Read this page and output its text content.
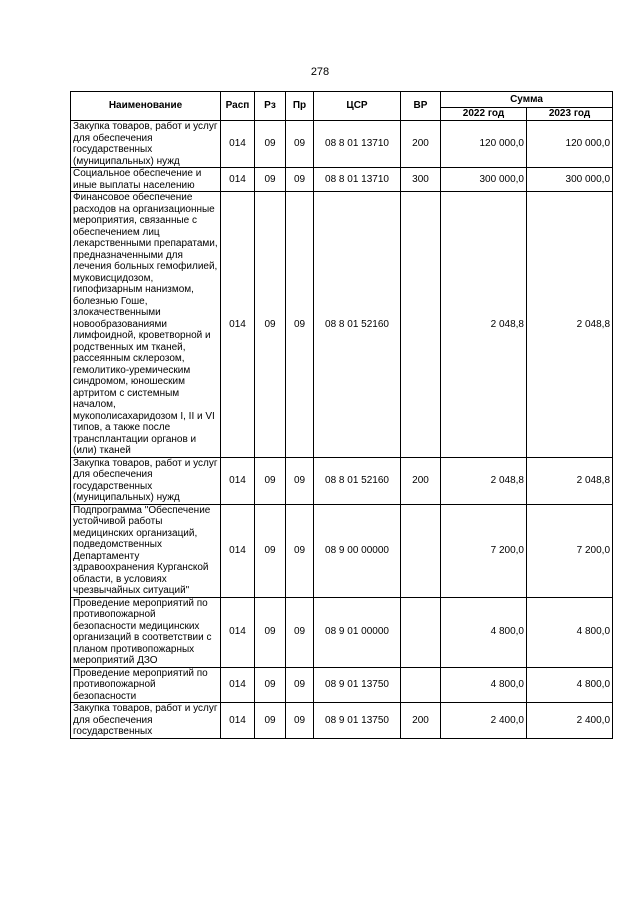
278
Наименование	Расп	Рз	Пр	ЦСР	ВР	Сумма	
						2022 год	2023 год
Закупка товаров, работ и услуг для обеспечения государственных (муниципальных) нужд	014	09	09	08 8 01 13710	200	120 000,0	120 000,0
Социальное обеспечение и иные выплаты населению	014	09	09	08 8 01 13710	300	300 000,0	300 000,0
Финансовое обеспечение расходов на организационные мероприятия, связанные с обеспечением лиц лекарственными препаратами, предназначенными для лечения больных гемофилией, муковисцидозом, гипофизарным нанизмом, болезнью Гоше, злокачественными новообразованиями лимфоидной, кроветворной и родственных им тканей, рассеянным склерозом, гемолитико-уремическим синдромом, юношеским артритом с системным началом, мукополисахаридозом I, II и VI типов, а также после трансплантации органов и (или) тканей	014	09	09	08 8 01 52160		2 048,8	2 048,8
Закупка товаров, работ и услуг для обеспечения государственных (муниципальных) нужд	014	09	09	08 8 01 52160	200	2 048,8	2 048,8
Подпрограмма "Обеспечение устойчивой работы медицинских организаций, подведомственных Департаменту здравоохранения Курганской области, в условиях чрезвычайных ситуаций"	014	09	09	08 9 00 00000		7 200,0	7 200,0
Проведение мероприятий по противопожарной безопасности медицинских организаций в соответствии с планом противопожарных мероприятий ДЗО	014	09	09	08 9 01 00000		4 800,0	4 800,0
Проведение мероприятий по противопожарной безопасности	014	09	09	08 9 01 13750		4 800,0	4 800,0
Закупка товаров, работ и услуг для обеспечения государственных	014	09	09	08 9 01 13750	200	2 400,0	2 400,0
